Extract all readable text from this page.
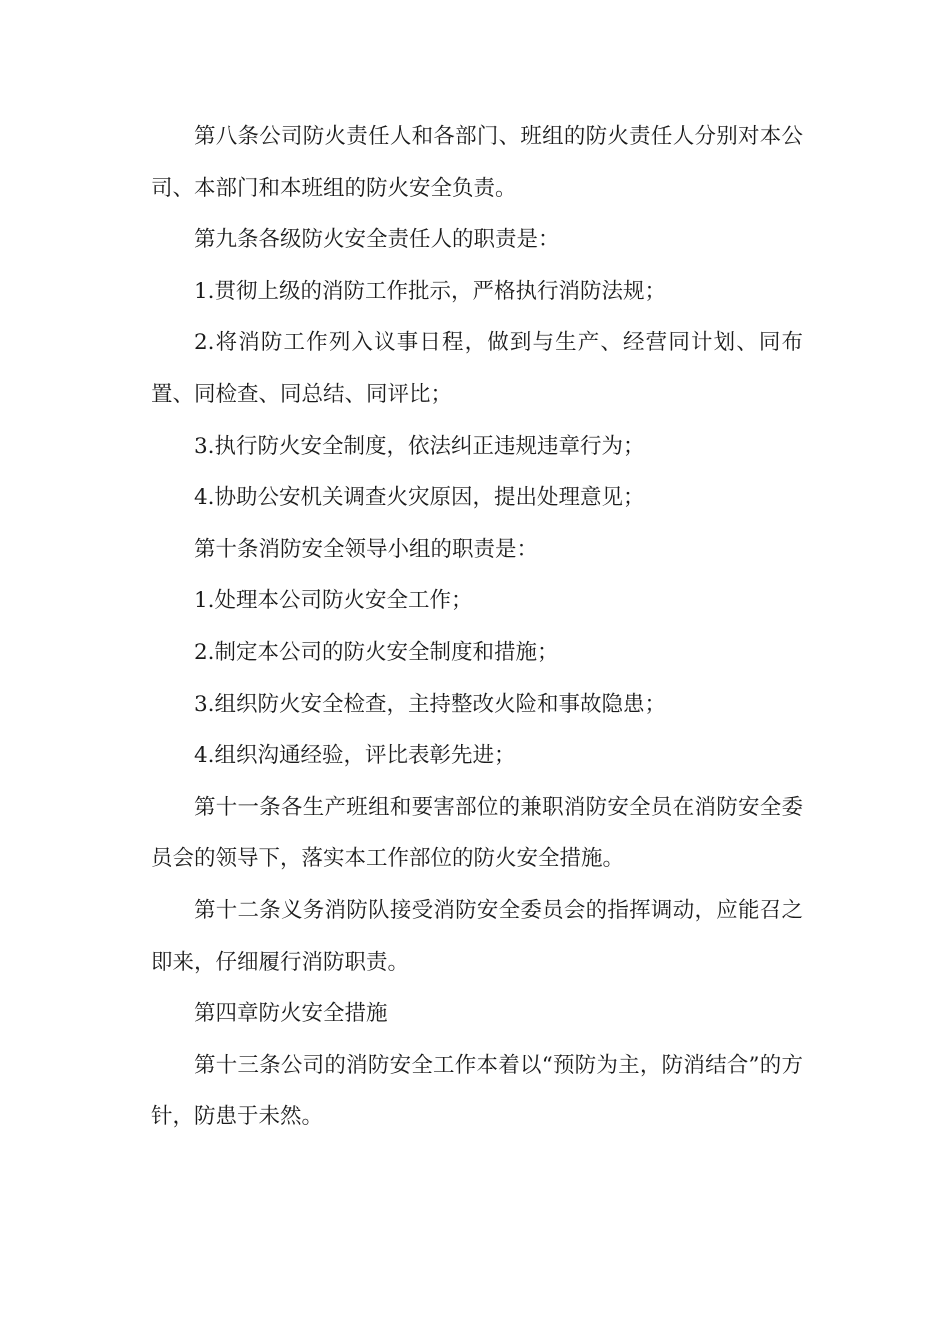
第八条公司防火责任人和各部门、班组的防火责任人分别对本公司、本部门和本班组的防火安全负责。

第九条各级防火安全责任人的职责是：

1.贯彻上级的消防工作批示，严格执行消防法规；

2.将消防工作列入议事日程，做到与生产、经营同计划、同布置、同检查、同总结、同评比；

3.执行防火安全制度，依法纠正违规违章行为；

4.协助公安机关调查火灾原因，提出处理意见；

第十条消防安全领导小组的职责是：

1.处理本公司防火安全工作；

2.制定本公司的防火安全制度和措施；

3.组织防火安全检查，主持整改火险和事故隐患；

4.组织沟通经验，评比表彰先进；

第十一条各生产班组和要害部位的兼职消防安全员在消防安全委员会的领导下，落实本工作部位的防火安全措施。

第十二条义务消防队接受消防安全委员会的指挥调动，应能召之即来，仔细履行消防职责。

第四章防火安全措施

第十三条公司的消防安全工作本着以“预防为主，防消结合”的方针，防患于未然。
